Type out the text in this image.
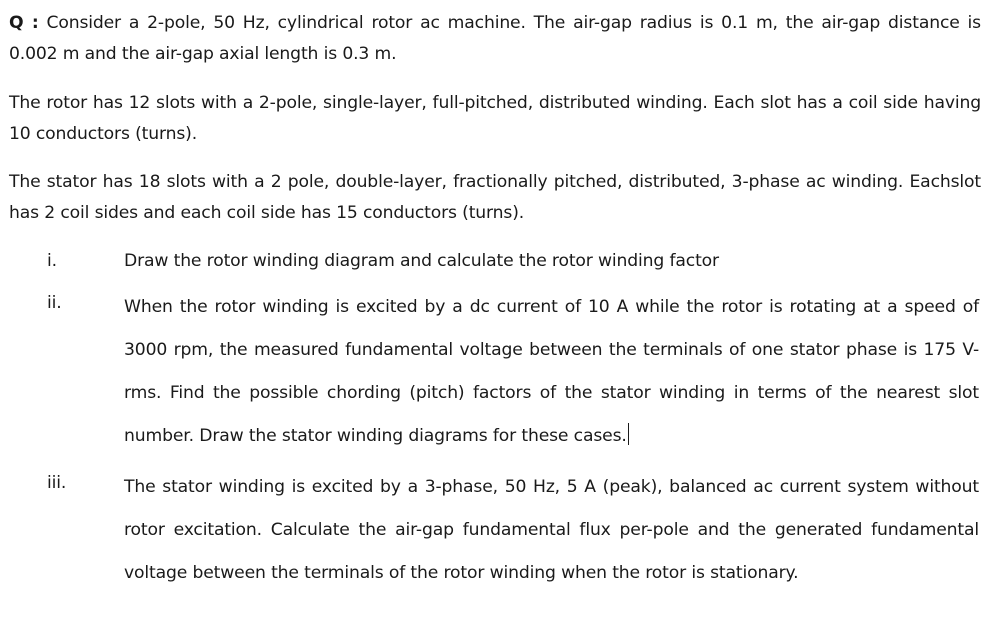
Q : Consider a 2-pole, 50 Hz, cylindrical rotor ac machine. The air-gap radius is 0.1 m, the air-gap distance is 0.002 m and the air-gap axial length is 0.3 m.

The rotor has 12 slots with a 2-pole, single-layer, full-pitched, distributed winding. Each slot has a coil side having 10 conductors (turns).

The stator has 18 slots with a 2 pole, double-layer, fractionally pitched, distributed, 3-phase ac winding. Eachslot has 2 coil sides and each coil side has 15 conductors (turns).

i.	Draw the rotor winding diagram and calculate the rotor winding factor
ii.	When the rotor winding is excited by a dc current of 10 A while the rotor is rotating at a speed of 3000 rpm, the measured fundamental voltage between the terminals of one stator phase is 175 V-rms. Find the possible chording (pitch) factors of the stator winding in terms of the nearest slot number. Draw the stator winding diagrams for these cases.
iii.	The stator winding is excited by a 3-phase, 50 Hz, 5 A (peak), balanced ac current system without rotor excitation. Calculate the air-gap fundamental flux per-pole and the generated fundamental voltage between the terminals of the rotor winding when the rotor is stationary.
